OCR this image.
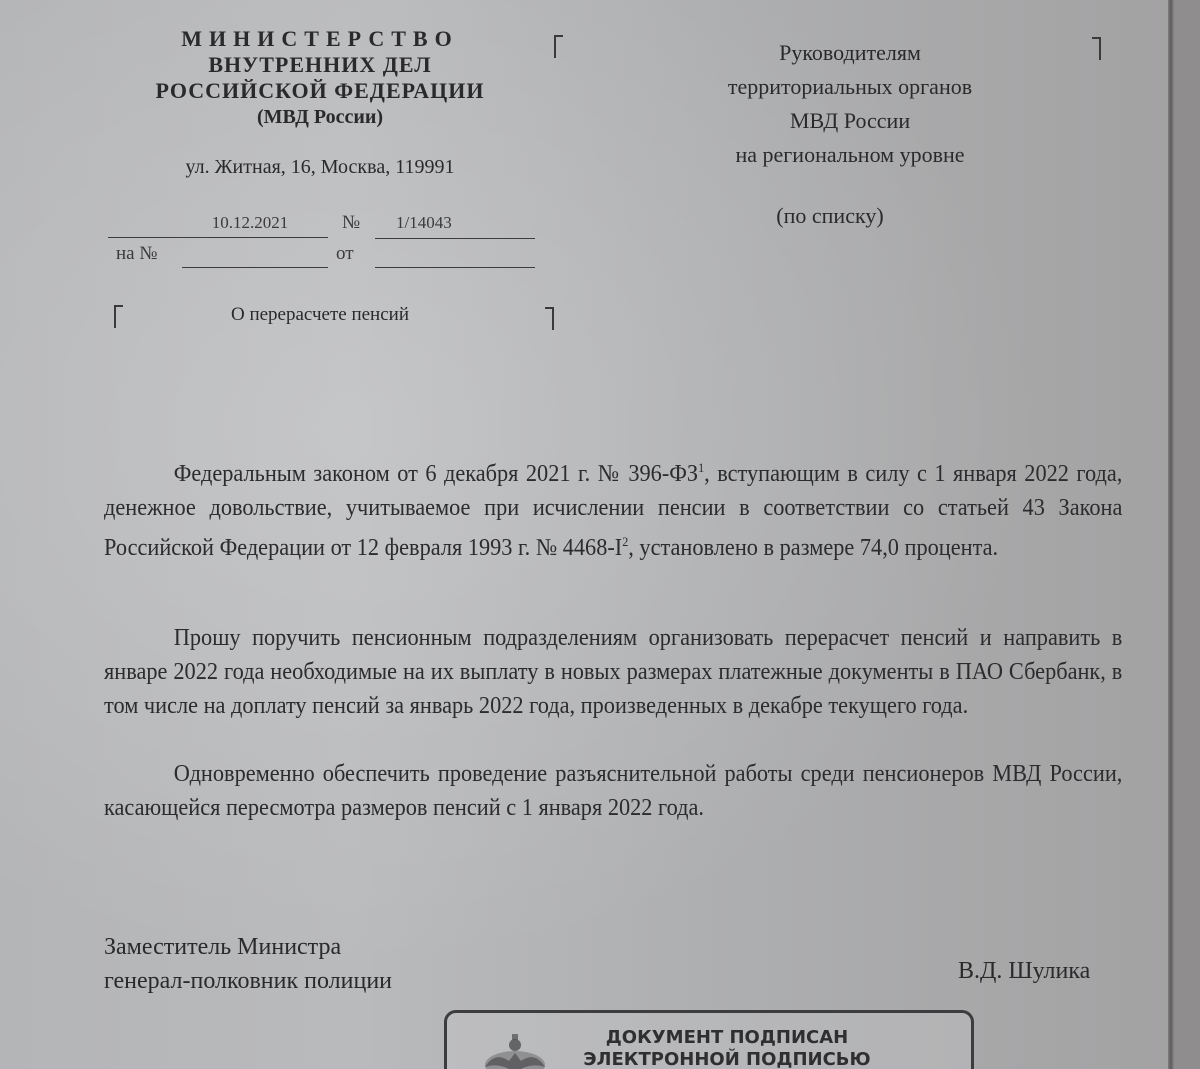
МИНИСТЕРСТВО
ВНУТРЕННИХ ДЕЛ
РОССИЙСКОЙ ФЕДЕРАЦИИ
(МВД России)
ул. Житная, 16, Москва, 119991
10.12.2021	№ 1/14043
на №	от
Руководителям
территориальных органов
МВД России
на региональном уровне
(по списку)
О перерасчете пенсий

Федеральным законом от 6 декабря 2021 г. № $396-ФЗ^1$, вступающим в силу с 1 января 2022 года, денежное довольствие, учитываемое при исчислении пенсии в соответствии со статьей 43 Закона Российской Федерации от 12 февраля 1993 г. № $4468-I^2$, установлено в размере 74,0 процента.

Прошу поручить пенсионным подразделениям организовать перерасчет пенсий и направить в январе 2022 года необходимые на их выплату в новых размерах платежные документы в ПАО Сбербанк, в том числе на доплату пенсий за январь 2022 года, произведенных в декабре текущего года.

Одновременно обеспечить проведение разъяснительной работы среди пенсионеров МВД России, касающейся пересмотра размеров пенсий с 1 января 2022 года.

Заместитель Министра
генерал-полковник полиции	В.Д. Шулика
ДОКУМЕНТ ПОДПИСАН
ЭЛЕКТРОННОЙ ПОДПИСЬЮ
